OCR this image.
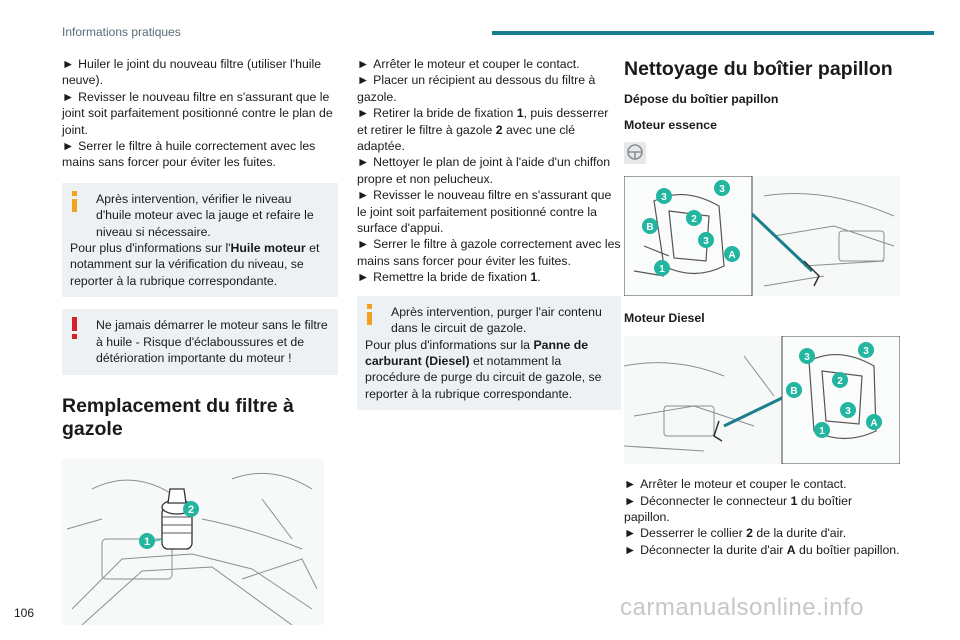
Informations pratiques

► Huiler le joint du nouveau filtre (utiliser l'huile neuve).

► Revisser le nouveau filtre en s'assurant que le joint soit parfaitement positionné contre le plan de joint.

► Serrer le filtre à huile correctement avec les mains sans forcer pour éviter les fuites.

Après intervention, vérifier le niveau d'huile moteur avec la jauge et refaire le niveau si nécessaire.

Pour plus d'informations sur l'Huile moteur et notamment sur la vérification du niveau, se reporter à la rubrique correspondante.

Ne jamais démarrer le moteur sans le filtre à huile - Risque d'éclaboussures et de détérioration importante du moteur !

Remplacement du filtre à gazole

2
1

► Arrêter le moteur et couper le contact.

► Placer un récipient au dessous du filtre à gazole.

► Retirer la bride de fixation 1, puis desserrer et retirer le filtre à gazole 2 avec une clé adaptée.

► Nettoyer le plan de joint à l'aide d'un chiffon propre et non pelucheux.

► Revisser le nouveau filtre en s'assurant que le joint soit parfaitement positionné contre la surface d'appui.

► Serrer le filtre à gazole correctement avec les mains sans forcer pour éviter les fuites.

► Remettre la bride de fixation 1.

Après intervention, purger l'air contenu dans le circuit de gazole.

Pour plus d'informations sur la Panne de carburant (Diesel) et notamment la procédure de purge du circuit de gazole, se reporter à la rubrique correspondante.

Nettoyage du boîtier papillon

Dépose du boîtier papillon

Moteur essence

3
3
B
2
3
A
1

Moteur Diesel

3
3
B
2
3
A
1

► Arrêter le moteur et couper le contact.

► Déconnecter le connecteur 1 du boîtier papillon.

► Desserrer le collier 2 de la durite d'air.

► Déconnecter la durite d'air A du boîtier papillon.

106	carmanualsonline.info
